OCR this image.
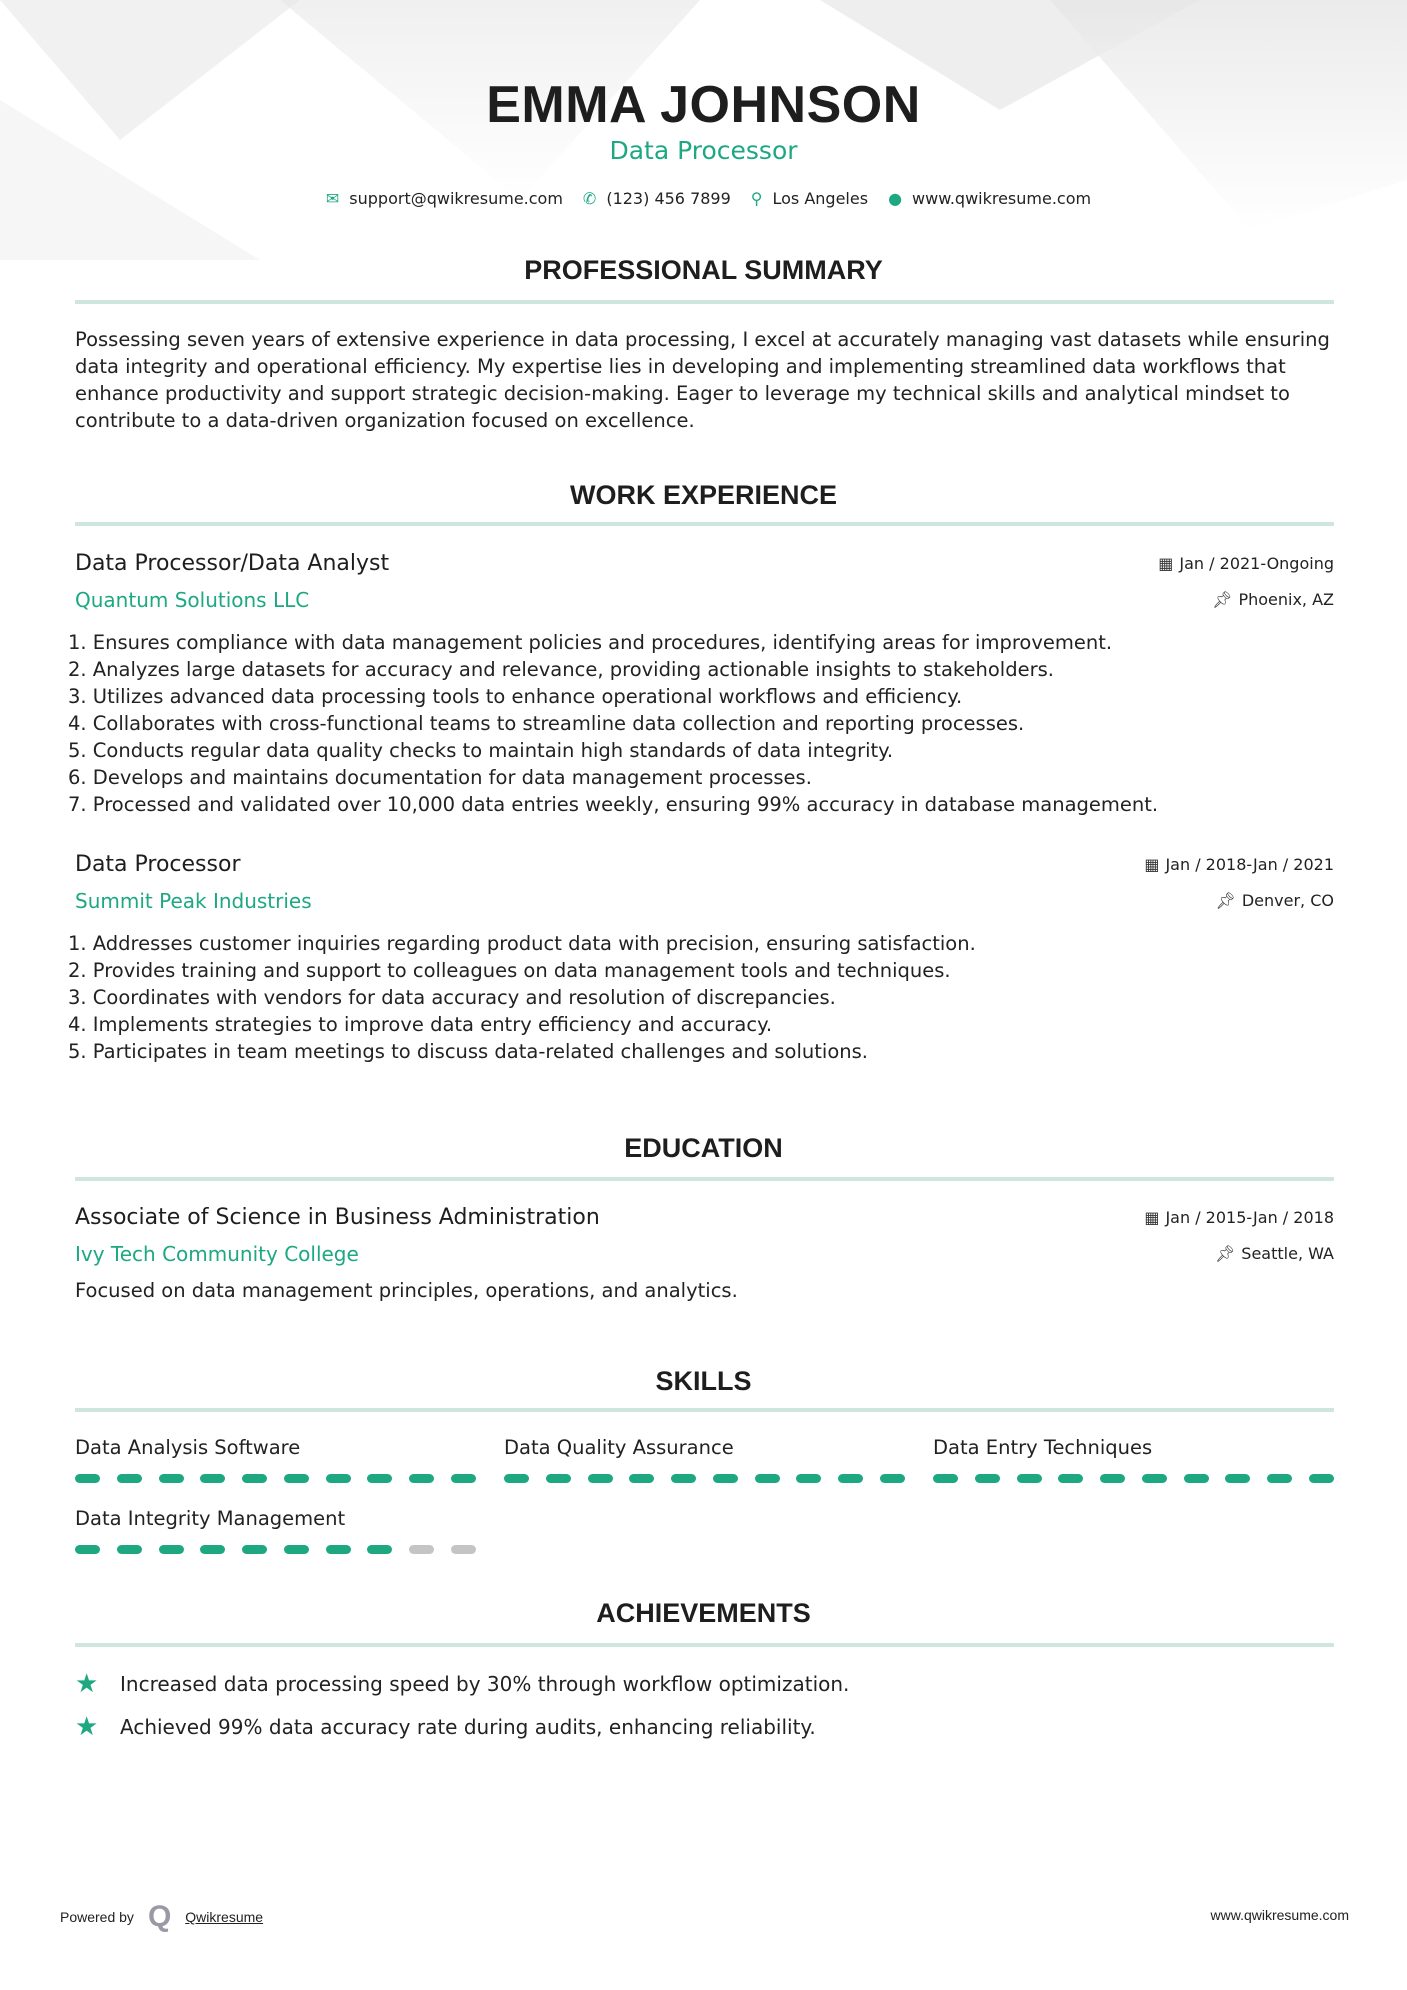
EMMA JOHNSON
Data Processor
✉ support@qwikresume.com ✆ (123) 456 7899 ⚲ Los Angeles ● www.qwikresume.com
PROFESSIONAL SUMMARY
Possessing seven years of extensive experience in data processing, I excel at accurately managing vast datasets while ensuring data integrity and operational efficiency. My expertise lies in developing and implementing streamlined data workflows that enhance productivity and support strategic decision-making. Eager to leverage my technical skills and analytical mindset to contribute to a data-driven organization focused on excellence.
WORK EXPERIENCE
Data Processor/Data Analyst	▦ Jan / 2021-Ongoing
Quantum Solutions LLC	📌︎ Phoenix, AZ
1. Ensures compliance with data management policies and procedures, identifying areas for improvement.
2. Analyzes large datasets for accuracy and relevance, providing actionable insights to stakeholders.
3. Utilizes advanced data processing tools to enhance operational workflows and efficiency.
4. Collaborates with cross-functional teams to streamline data collection and reporting processes.
5. Conducts regular data quality checks to maintain high standards of data integrity.
6. Develops and maintains documentation for data management processes.
7. Processed and validated over 10,000 data entries weekly, ensuring 99% accuracy in database management.
Data Processor	▦ Jan / 2018-Jan / 2021
Summit Peak Industries	📌︎ Denver, CO
1. Addresses customer inquiries regarding product data with precision, ensuring satisfaction.
2. Provides training and support to colleagues on data management tools and techniques.
3. Coordinates with vendors for data accuracy and resolution of discrepancies.
4. Implements strategies to improve data entry efficiency and accuracy.
5. Participates in team meetings to discuss data-related challenges and solutions.
EDUCATION
Associate of Science in Business Administration	▦ Jan / 2015-Jan / 2018
Ivy Tech Community College	📌︎ Seattle, WA
Focused on data management principles, operations, and analytics.
SKILLS
Data Analysis Software	Data Quality Assurance	Data Entry Techniques
Data Integrity Management
ACHIEVEMENTS
★	Increased data processing speed by 30% through workflow optimization.
★	Achieved 99% data accuracy rate during audits, enhancing reliability.
Powered by Q Qwikresume	www.qwikresume.com
